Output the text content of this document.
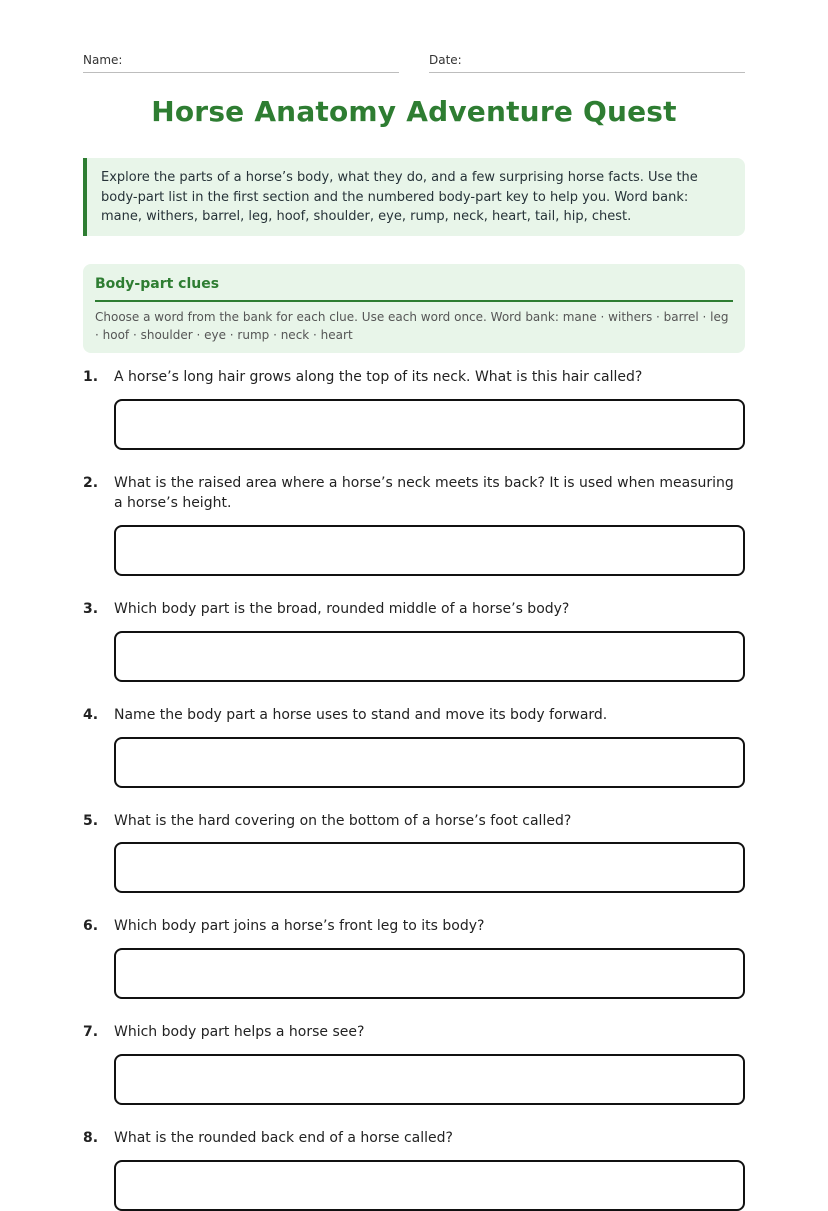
Name:	Date:
Horse Anatomy Adventure Quest
Explore the parts of a horse’s body, what they do, and a few surprising horse facts. Use the body-part list in the first section and the numbered body-part key to help you. Word bank: mane, withers, barrel, leg, hoof, shoulder, eye, rump, neck, heart, tail, hip, chest.
Body-part clues
Choose a word from the bank for each clue. Use each word once. Word bank: mane · withers · barrel · leg · hoof · shoulder · eye · rump · neck · heart
1. A horse’s long hair grows along the top of its neck. What is this hair called?
2. What is the raised area where a horse’s neck meets its back? It is used when measuring a horse’s height.
3. Which body part is the broad, rounded middle of a horse’s body?
4. Name the body part a horse uses to stand and move its body forward.
5. What is the hard covering on the bottom of a horse’s foot called?
6. Which body part joins a horse’s front leg to its body?
7. Which body part helps a horse see?
8. What is the rounded back end of a horse called?
